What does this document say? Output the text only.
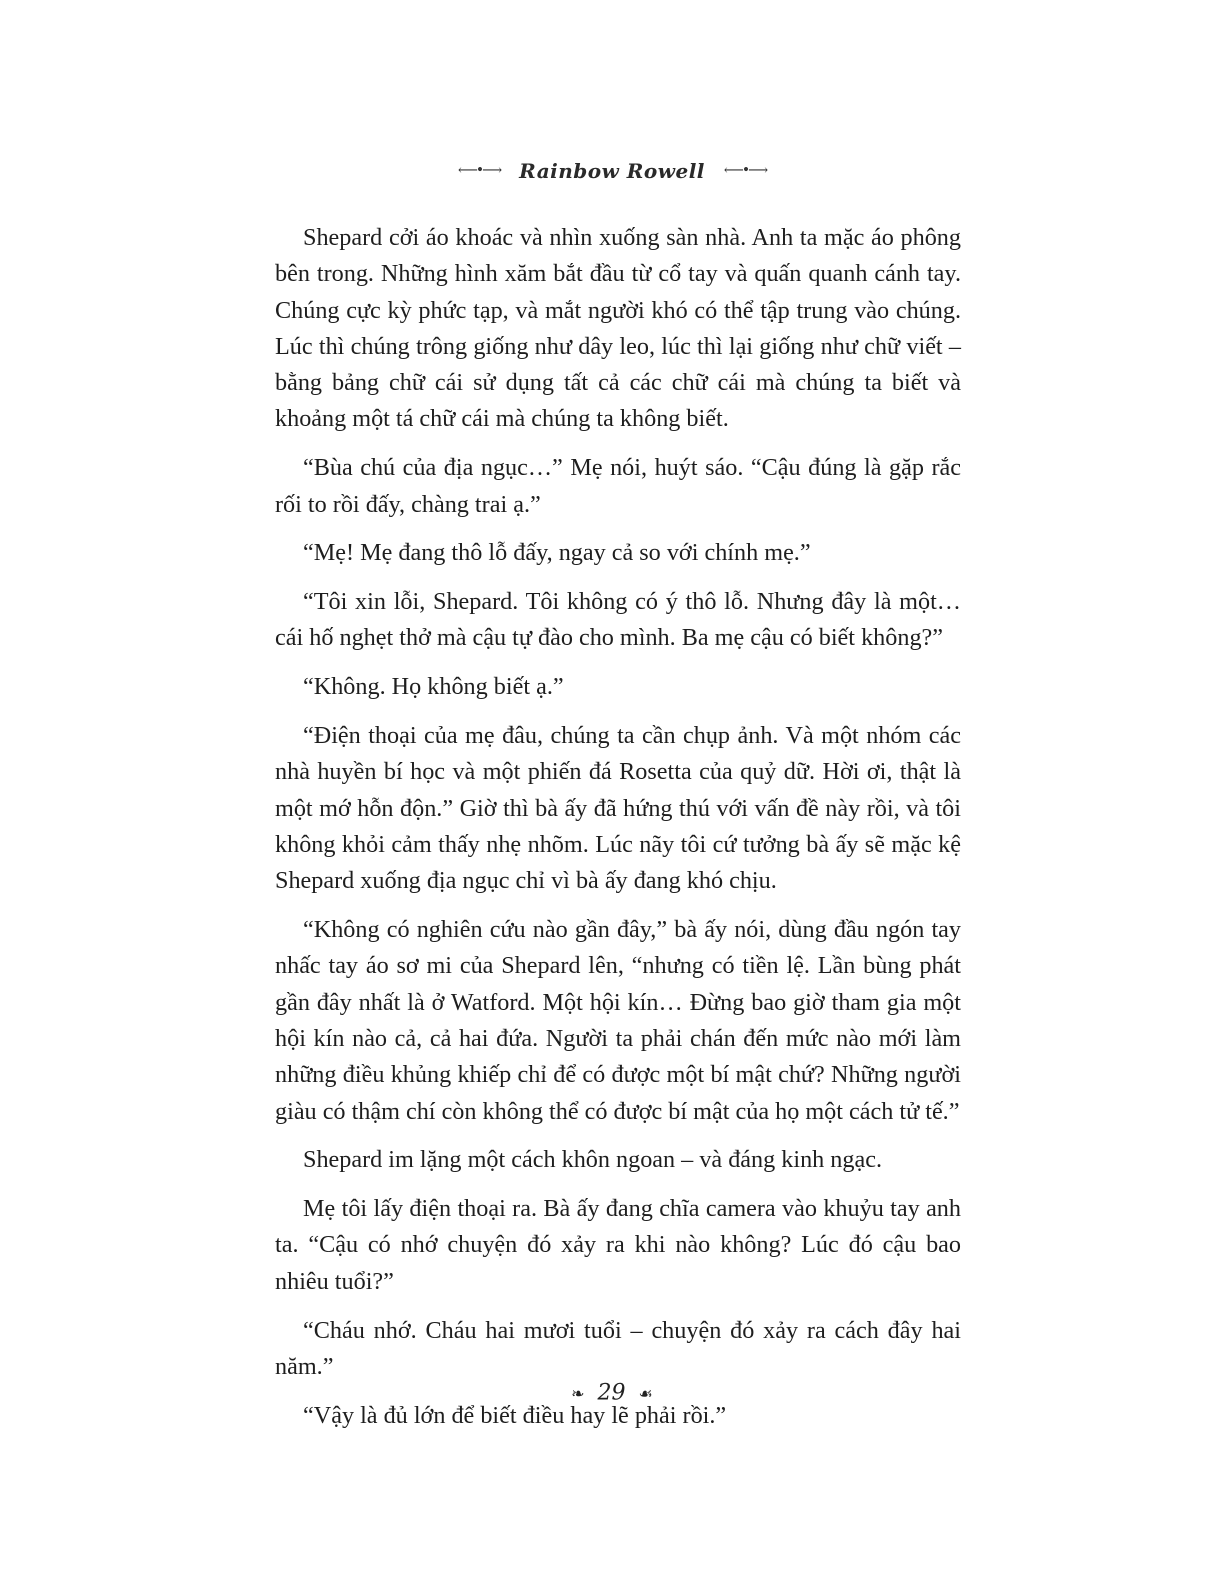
⟵•⟶ Rainbow Rowell ⟵•⟶

Shepard cởi áo khoác và nhìn xuống sàn nhà. Anh ta mặc áo phông bên trong. Những hình xăm bắt đầu từ cổ tay và quấn quanh cánh tay. Chúng cực kỳ phức tạp, và mắt người khó có thể tập trung vào chúng. Lúc thì chúng trông giống như dây leo, lúc thì lại giống như chữ viết – bằng bảng chữ cái sử dụng tất cả các chữ cái mà chúng ta biết và khoảng một tá chữ cái mà chúng ta không biết.

“Bùa chú của địa ngục…” Mẹ nói, huýt sáo. “Cậu đúng là gặp rắc rối to rồi đấy, chàng trai ạ.”

“Mẹ! Mẹ đang thô lỗ đấy, ngay cả so với chính mẹ.”

“Tôi xin lỗi, Shepard. Tôi không có ý thô lỗ. Nhưng đây là một… cái hố nghẹt thở mà cậu tự đào cho mình. Ba mẹ cậu có biết không?”

“Không. Họ không biết ạ.”

“Điện thoại của mẹ đâu, chúng ta cần chụp ảnh. Và một nhóm các nhà huyền bí học và một phiến đá Rosetta của quỷ dữ. Hời ơi, thật là một mớ hỗn độn.” Giờ thì bà ấy đã hứng thú với vấn đề này rồi, và tôi không khỏi cảm thấy nhẹ nhõm. Lúc nãy tôi cứ tưởng bà ấy sẽ mặc kệ Shepard xuống địa ngục chỉ vì bà ấy đang khó chịu.

“Không có nghiên cứu nào gần đây,” bà ấy nói, dùng đầu ngón tay nhấc tay áo sơ mi của Shepard lên, “nhưng có tiền lệ. Lần bùng phát gần đây nhất là ở Watford. Một hội kín… Đừng bao giờ tham gia một hội kín nào cả, cả hai đứa. Người ta phải chán đến mức nào mới làm những điều khủng khiếp chỉ để có được một bí mật chứ? Những người giàu có thậm chí còn không thể có được bí mật của họ một cách tử tế.”

Shepard im lặng một cách khôn ngoan – và đáng kinh ngạc.

Mẹ tôi lấy điện thoại ra. Bà ấy đang chĩa camera vào khuỷu tay anh ta. “Cậu có nhớ chuyện đó xảy ra khi nào không? Lúc đó cậu bao nhiêu tuổi?”

“Cháu nhớ. Cháu hai mươi tuổi – chuyện đó xảy ra cách đây hai năm.”

“Vậy là đủ lớn để biết điều hay lẽ phải rồi.”

❧ 29 ☙
